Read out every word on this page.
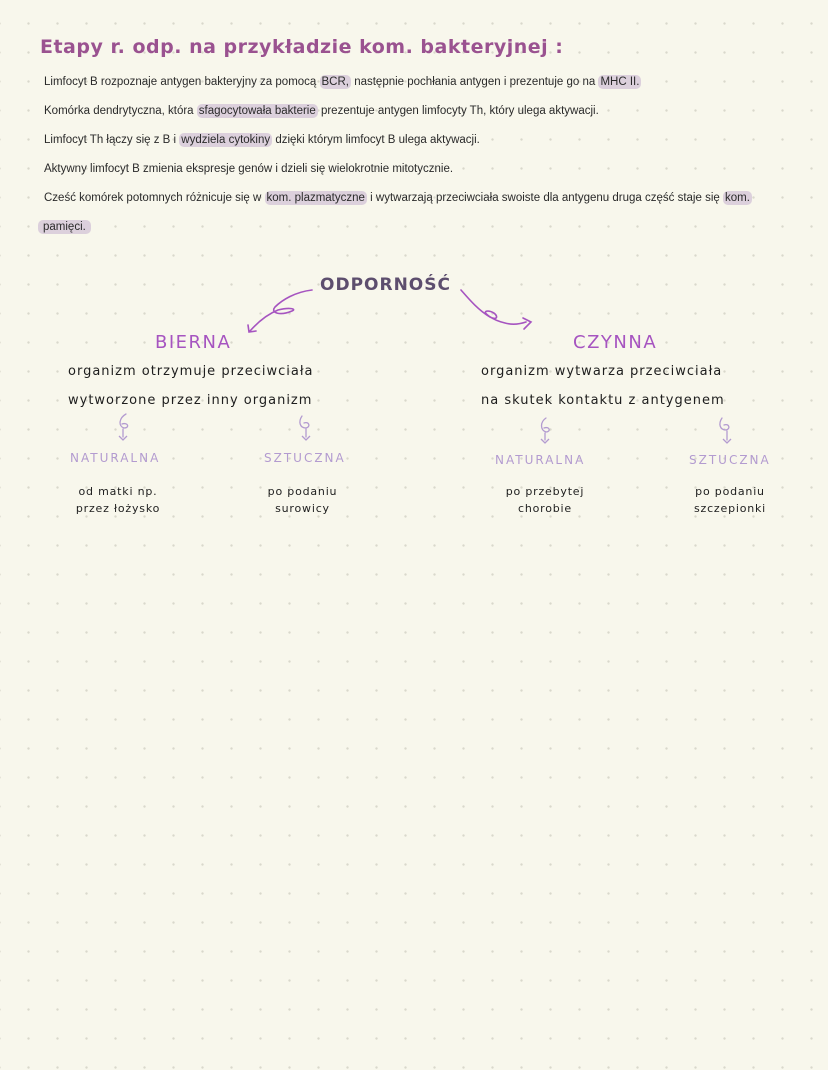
Etapy r. odp. na przykładzie kom. bakteryjnej :
Limfocyt B rozpoznaje antygen bakteryjny za pomocą BCR, następnie pochłania antygen i prezentuje go na MHC II.
Komórka dendrytyczna, która sfagocytowała bakterie prezentuje antygen limfocyty Th, który ulega aktywacji.
Limfocyt Th łączy się z B i wydziela cytokiny dzięki którym limfocyt B ulega aktywacji.
Aktywny limfocyt B zmienia ekspresje genów i dzieli się wielokrotnie mitotycznie.
Cześć komórek potomnych różnicuje się w kom. plazmatyczne i wytwarzają przeciwciała swoiste dla antygenu druga część staje się kom.
pamięci.
ODPORNOŚĆ
BIERNA
organizm otrzymuje przeciwciała
wytworzone przez inny organizm
NATURALNA
od matki np.
przez łożysko
SZTUCZNA
po podaniu
surowicy
CZYNNA
organizm wytwarza przeciwciała
na skutek kontaktu z antygenem
NATURALNA
po przebytej
chorobie
SZTUCZNA
po podaniu
szczepionki
